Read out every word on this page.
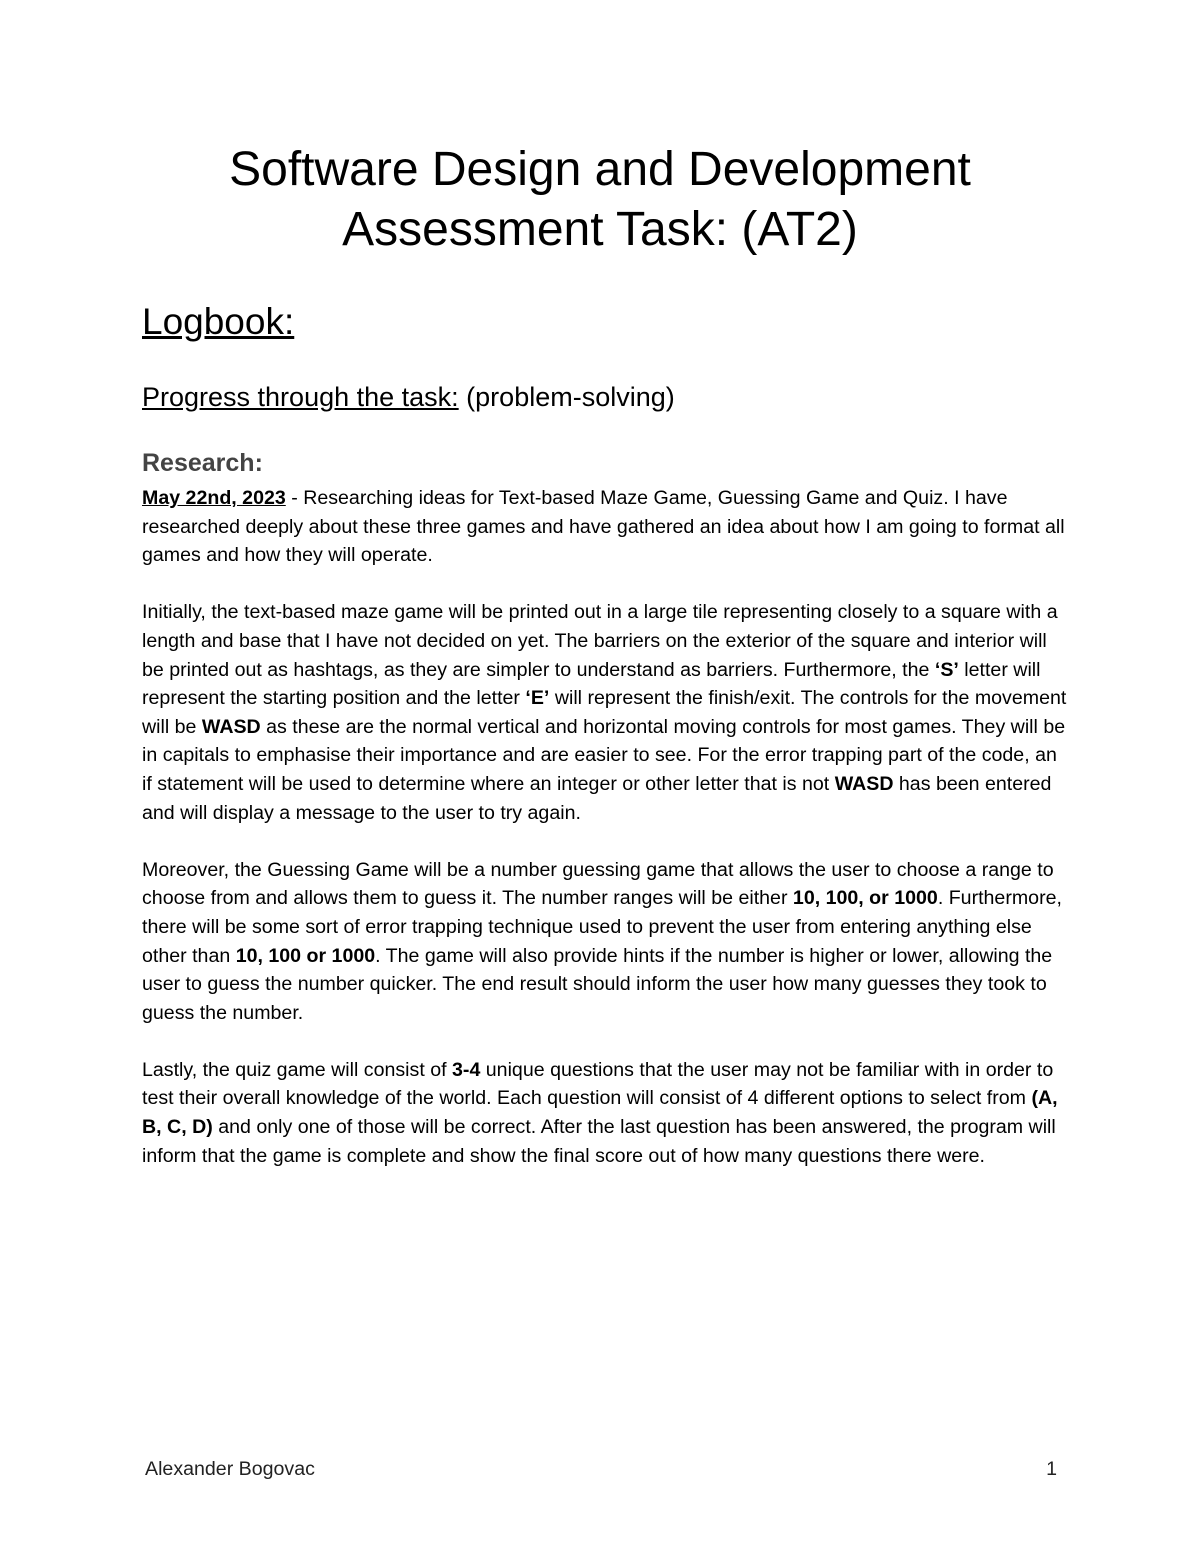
Software Design and Development
Assessment Task: (AT2)
Logbook:
Progress through the task: (problem-solving)
Research:

May 22nd, 2023 - Researching ideas for Text-based Maze Game, Guessing Game and Quiz. I have researched deeply about these three games and have gathered an idea about how I am going to format all games and how they will operate.

Initially, the text-based maze game will be printed out in a large tile representing closely to a square with a length and base that I have not decided on yet. The barriers on the exterior of the square and interior will be printed out as hashtags, as they are simpler to understand as barriers. Furthermore, the ‘S’ letter will represent the starting position and the letter ‘E’ will represent the finish/exit. The controls for the movement will be WASD as these are the normal vertical and horizontal moving controls for most games. They will be in capitals to emphasise their importance and are easier to see. For the error trapping part of the code, an if statement will be used to determine where an integer or other letter that is not WASD has been entered and will display a message to the user to try again.

Moreover, the Guessing Game will be a number guessing game that allows the user to choose a range to choose from and allows them to guess it. The number ranges will be either 10, 100, or 1000. Furthermore, there will be some sort of error trapping technique used to prevent the user from entering anything else other than 10, 100 or 1000. The game will also provide hints if the number is higher or lower, allowing the user to guess the number quicker. The end result should inform the user how many guesses they took to guess the number.

Lastly, the quiz game will consist of 3-4 unique questions that the user may not be familiar with in order to test their overall knowledge of the world. Each question will consist of 4 different options to select from (A, B, C, D) and only one of those will be correct. After the last question has been answered, the program will inform that the game is complete and show the final score out of how many questions there were.

Alexander Bogovac	1
